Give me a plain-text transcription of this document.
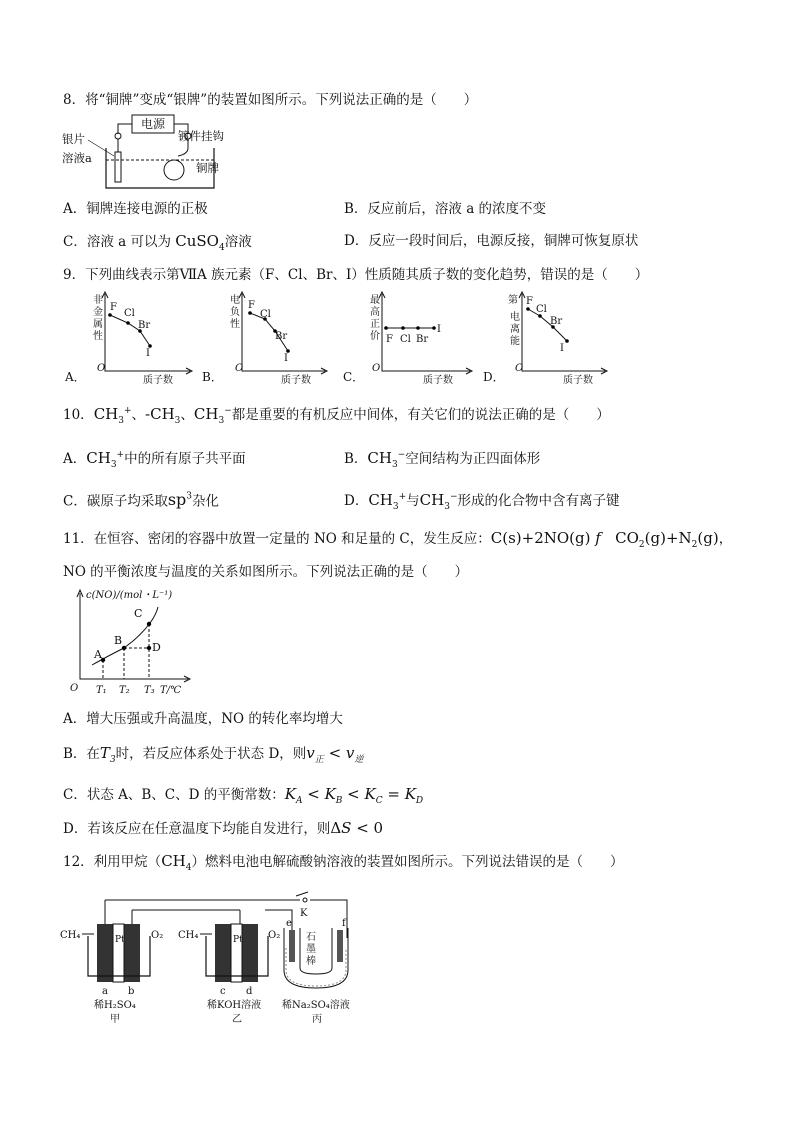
8．将“铜牌”变成“银牌”的装置如图所示。下列说法正确的是（　　）
电源
银片	镀件挂钩
溶液a
铜牌
A．铜牌连接电源的正极	B．反应前后，溶液 a 的浓度不变
C．溶液 a 可以为 CuSO$_4$溶液	D．反应一段时间后，电源反接，铜牌可恢复原状
9．下列曲线表示第ⅦA 族元素（F、Cl、Br、I）性质随其质子数的变化趋势，错误的是（　　）
A．
非
金
属
性
F
Cl
Br
I
O
质子数 B．
电
负
性
F
Cl
Br
I
O
质子数	C．
最
高
正
价 F Cl Br
I
O
质子数	D．
第
电
离
能
F
Cl
Br
I
O
质子数
10．$CH_3^+$、$-CH_3$、$CH_3^-$都是重要的有机反应中间体，有关它们的说法正确的是（　　）
A．$CH_3^+$中的所有原子共平面	B．$CH_3^-$空间结构为正四面体形
C．碳原子均采取$sp^3$杂化	D．$CH_3^+$与$CH_3^-$形成的化合物中含有离子键
11．在恒容、密闭的容器中放置一定量的 NO 和足量的 C，发生反应：C(s)+2NO(g) f   $CO_2(g)+N_2(g)$，
NO 的平衡浓度与温度的关系如图所示。下列说法正确的是（　　）
c(NO)/(mol・L⁻¹)
A
B
C
D
O T₁ T₂ T₃ T/℃
A．增大压强或升高温度，NO 的转化率均增大
B．在$T_3$时，若反应体系处于状态 D，则$v_正 < v_逆$
C．状态 A、B、C、D 的平衡常数：$K_A < K_B < K_C = K_D$
D．若该反应在任意温度下均能自发进行，则ΔS < 0
12．利用甲烷$(CH_4)$燃料电池电解硫酸钠溶液的装置如图所示。下列说法错误的是（　　）
K
CH₄	O₂
Pt
a b
稀H₂SO₄
甲
CH₄	O₂
Pt
c d
稀KOH溶液
乙
e	f
石
墨
棒
稀Na₂SO₄溶液
丙
